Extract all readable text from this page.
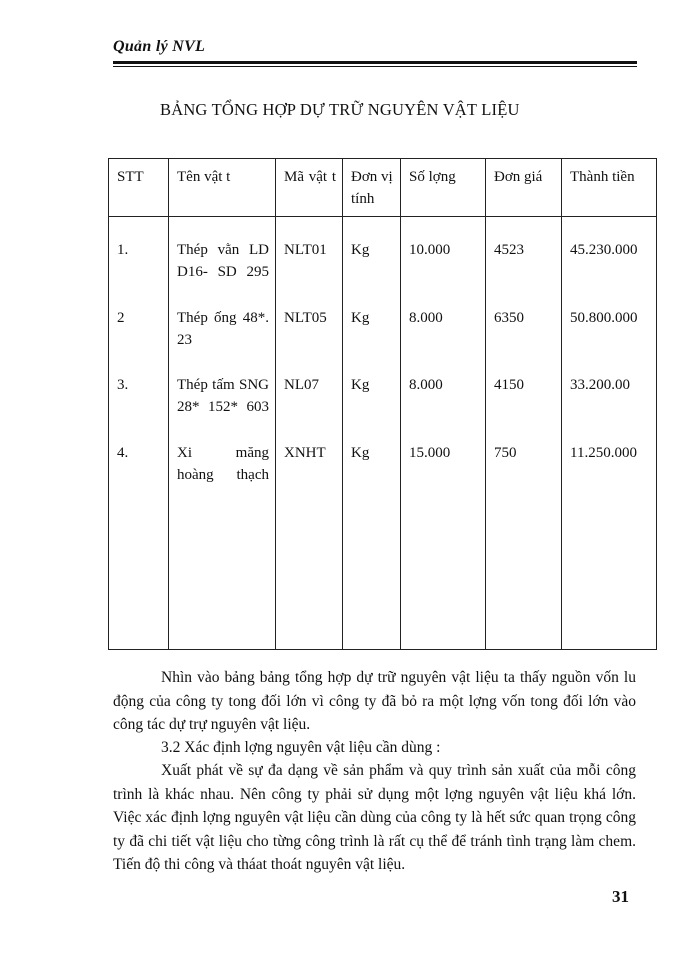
Quản lý NVL
BẢNG TỔNG HỢP DỰ TRỮ NGUYÊN VẬT LIỆU
STT	Tên vật t	Mã vật t	Đơn vị tính	Số lợng	Đơn giá	Thành tiền
1.	Thép vằn LD D16- SD 295	NLT01	Kg	10.000	4523	45.230.000
2	Thép ống 48*. 23	NLT05	Kg	8.000	6350	50.800.000
3.	Thép tấm SNG 28* 152* 603	NL07	Kg	8.000	4150	33.200.00
4.	Xi măng hoàng thạch	XNHT	Kg	15.000	750	11.250.000

Nhìn vào bảng bảng tổng hợp dự trữ nguyên vật liệu ta thấy nguồn vốn lu động của công ty tong đối lớn vì công ty đã bỏ ra một lợng vốn tong đối lớn vào công tác dự trự nguyên vật liệu.
3.2 Xác định lợng nguyên vật liệu cần dùng :
Xuất phát về sự đa dạng về sản phẩm và quy trình sản xuất của mỗi công trình là khác nhau. Nên công ty phải sử dụng một lợng nguyên vật liệu khá lớn. Việc xác định lợng nguyên vật liệu cần dùng của công ty là hết sức quan trọng công ty đã chi tiết vật liệu cho từng công trình là rất cụ thể để tránh tình trạng làm chem. Tiến độ thi công và tháat thoát nguyên vật liệu.
31
